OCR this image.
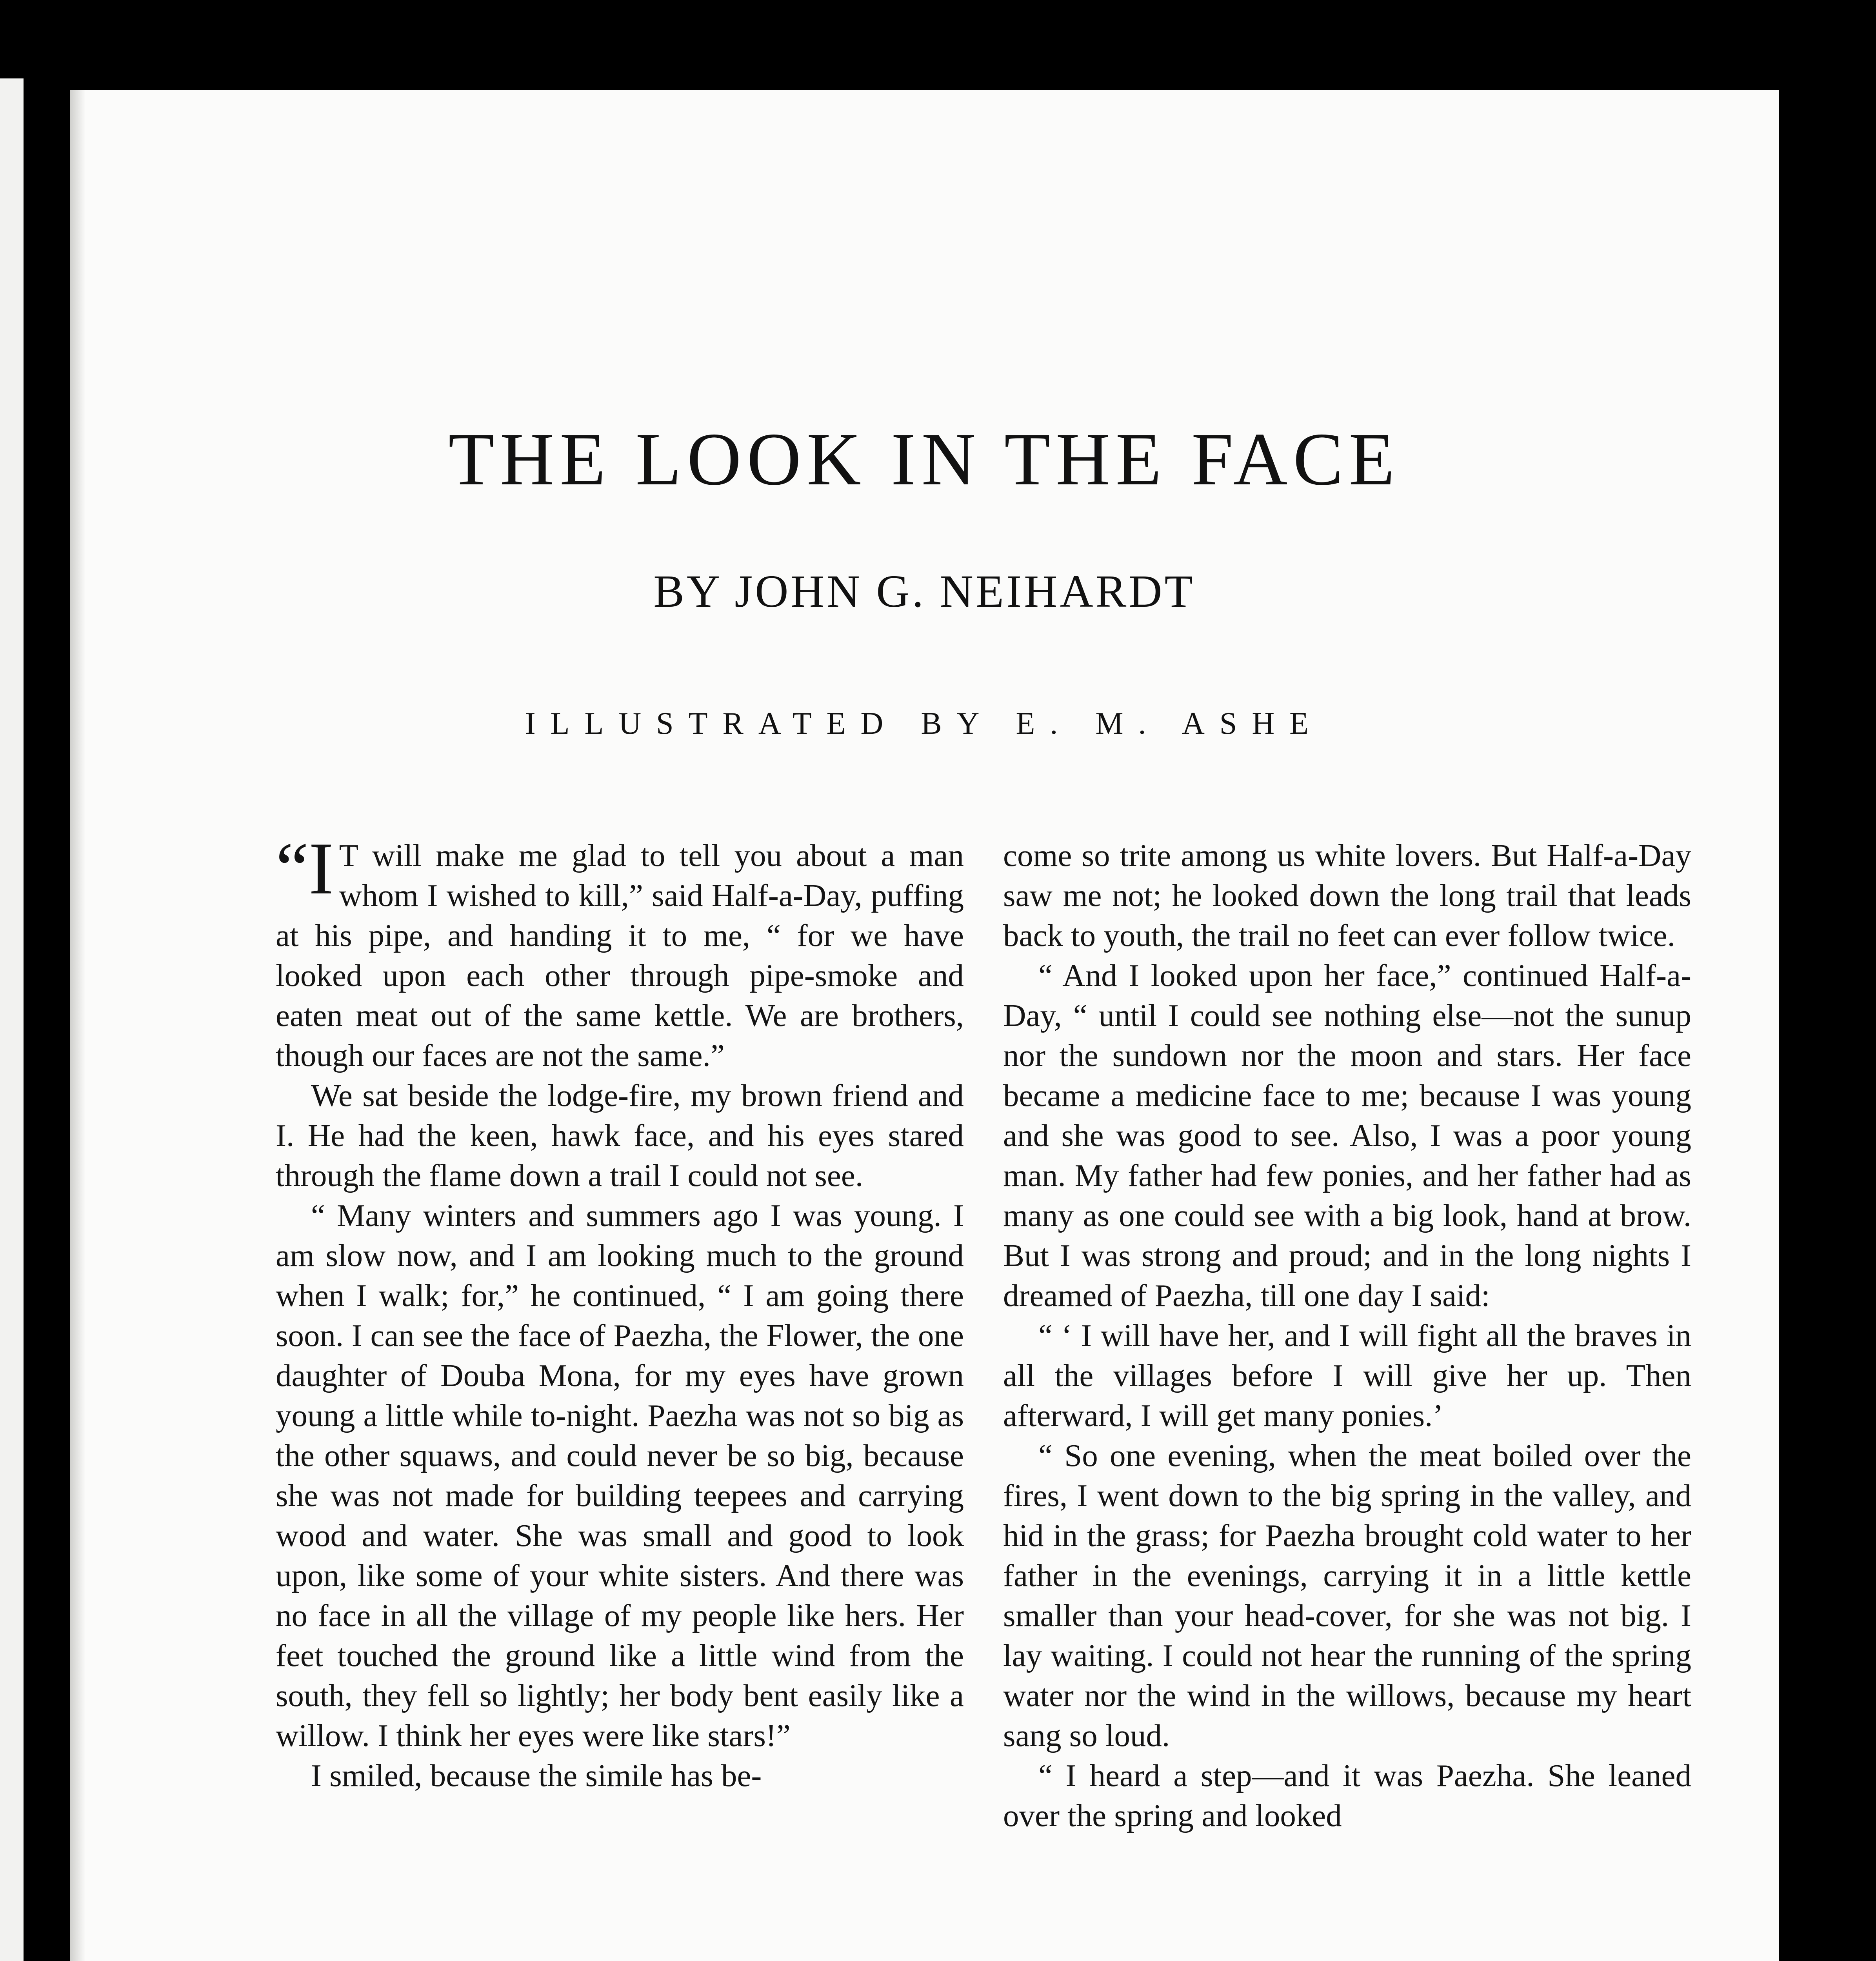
THE LOOK IN THE FACE
BY JOHN G. NEIHARDT
ILLUSTRATED BY E. M. ASHE

“I T will make me glad to tell you about a man whom I wished to kill,” said Half-a-Day, puffing at his pipe, and handing it to me, “ for we have looked upon each other through pipe-smoke and eaten meat out of the same kettle. We are brothers, though our faces are not the same.”

We sat beside the lodge-fire, my brown friend and I. He had the keen, hawk face, and his eyes stared through the flame down a trail I could not see.

“ Many winters and summers ago I was young. I am slow now, and I am looking much to the ground when I walk; for,” he continued, “ I am going there soon. I can see the face of Paezha, the Flower, the one daughter of Douba Mona, for my eyes have grown young a little while to-night. Paezha was not so big as the other squaws, and could never be so big, because she was not made for building teepees and carrying wood and water. She was small and good to look upon, like some of your white sisters. And there was no face in all the village of my people like hers. Her feet touched the ground like a little wind from the south, they fell so lightly; her body bent easily like a willow. I think her eyes were like stars!”

I smiled, because the simile has be-

come so trite among us white lovers. But Half-a-Day saw me not; he looked down the long trail that leads back to youth, the trail no feet can ever follow twice.

“ And I looked upon her face,” continued Half-a-Day, “ until I could see nothing else—not the sunup nor the sundown nor the moon and stars. Her face became a medicine face to me; because I was young and she was good to see. Also, I was a poor young man. My father had few ponies, and her father had as many as one could see with a big look, hand at brow. But I was strong and proud; and in the long nights I dreamed of Paezha, till one day I said:

“ ‘ I will have her, and I will fight all the braves in all the villages before I will give her up. Then afterward, I will get many ponies.’

“ So one evening, when the meat boiled over the fires, I went down to the big spring in the valley, and hid in the grass; for Paezha brought cold water to her father in the evenings, carrying it in a little kettle smaller than your head-cover, for she was not big. I lay waiting. I could not hear the running of the spring water nor the wind in the willows, because my heart sang so loud.

“ I heard a step—and it was Paezha. She leaned over the spring and looked
